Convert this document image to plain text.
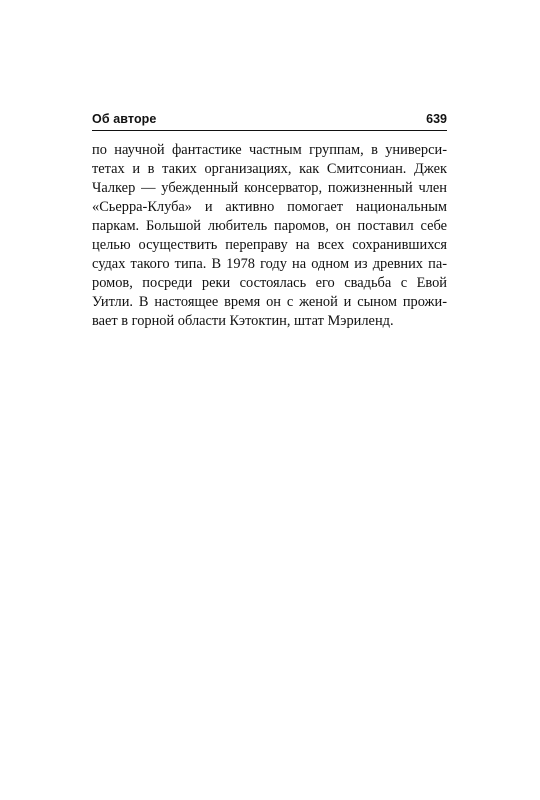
Об авторе	639
по научной фантастике частным группам, в универси-
тетах и в таких организациях, как Смитсониан. Джек
Чалкер — убежденный консерватор, пожизненный член
«Сьерра-Клуба» и активно помогает национальным
паркам. Большой любитель паромов, он поставил себе
целью осуществить переправу на всех сохранившихся
судах такого типа. В 1978 году на одном из древних па-
ромов, посреди реки состоялась его свадьба с Евой
Уитли. В настоящее время он с женой и сыном прожи-
вает в горной области Кэтоктин, штат Мэриленд.
